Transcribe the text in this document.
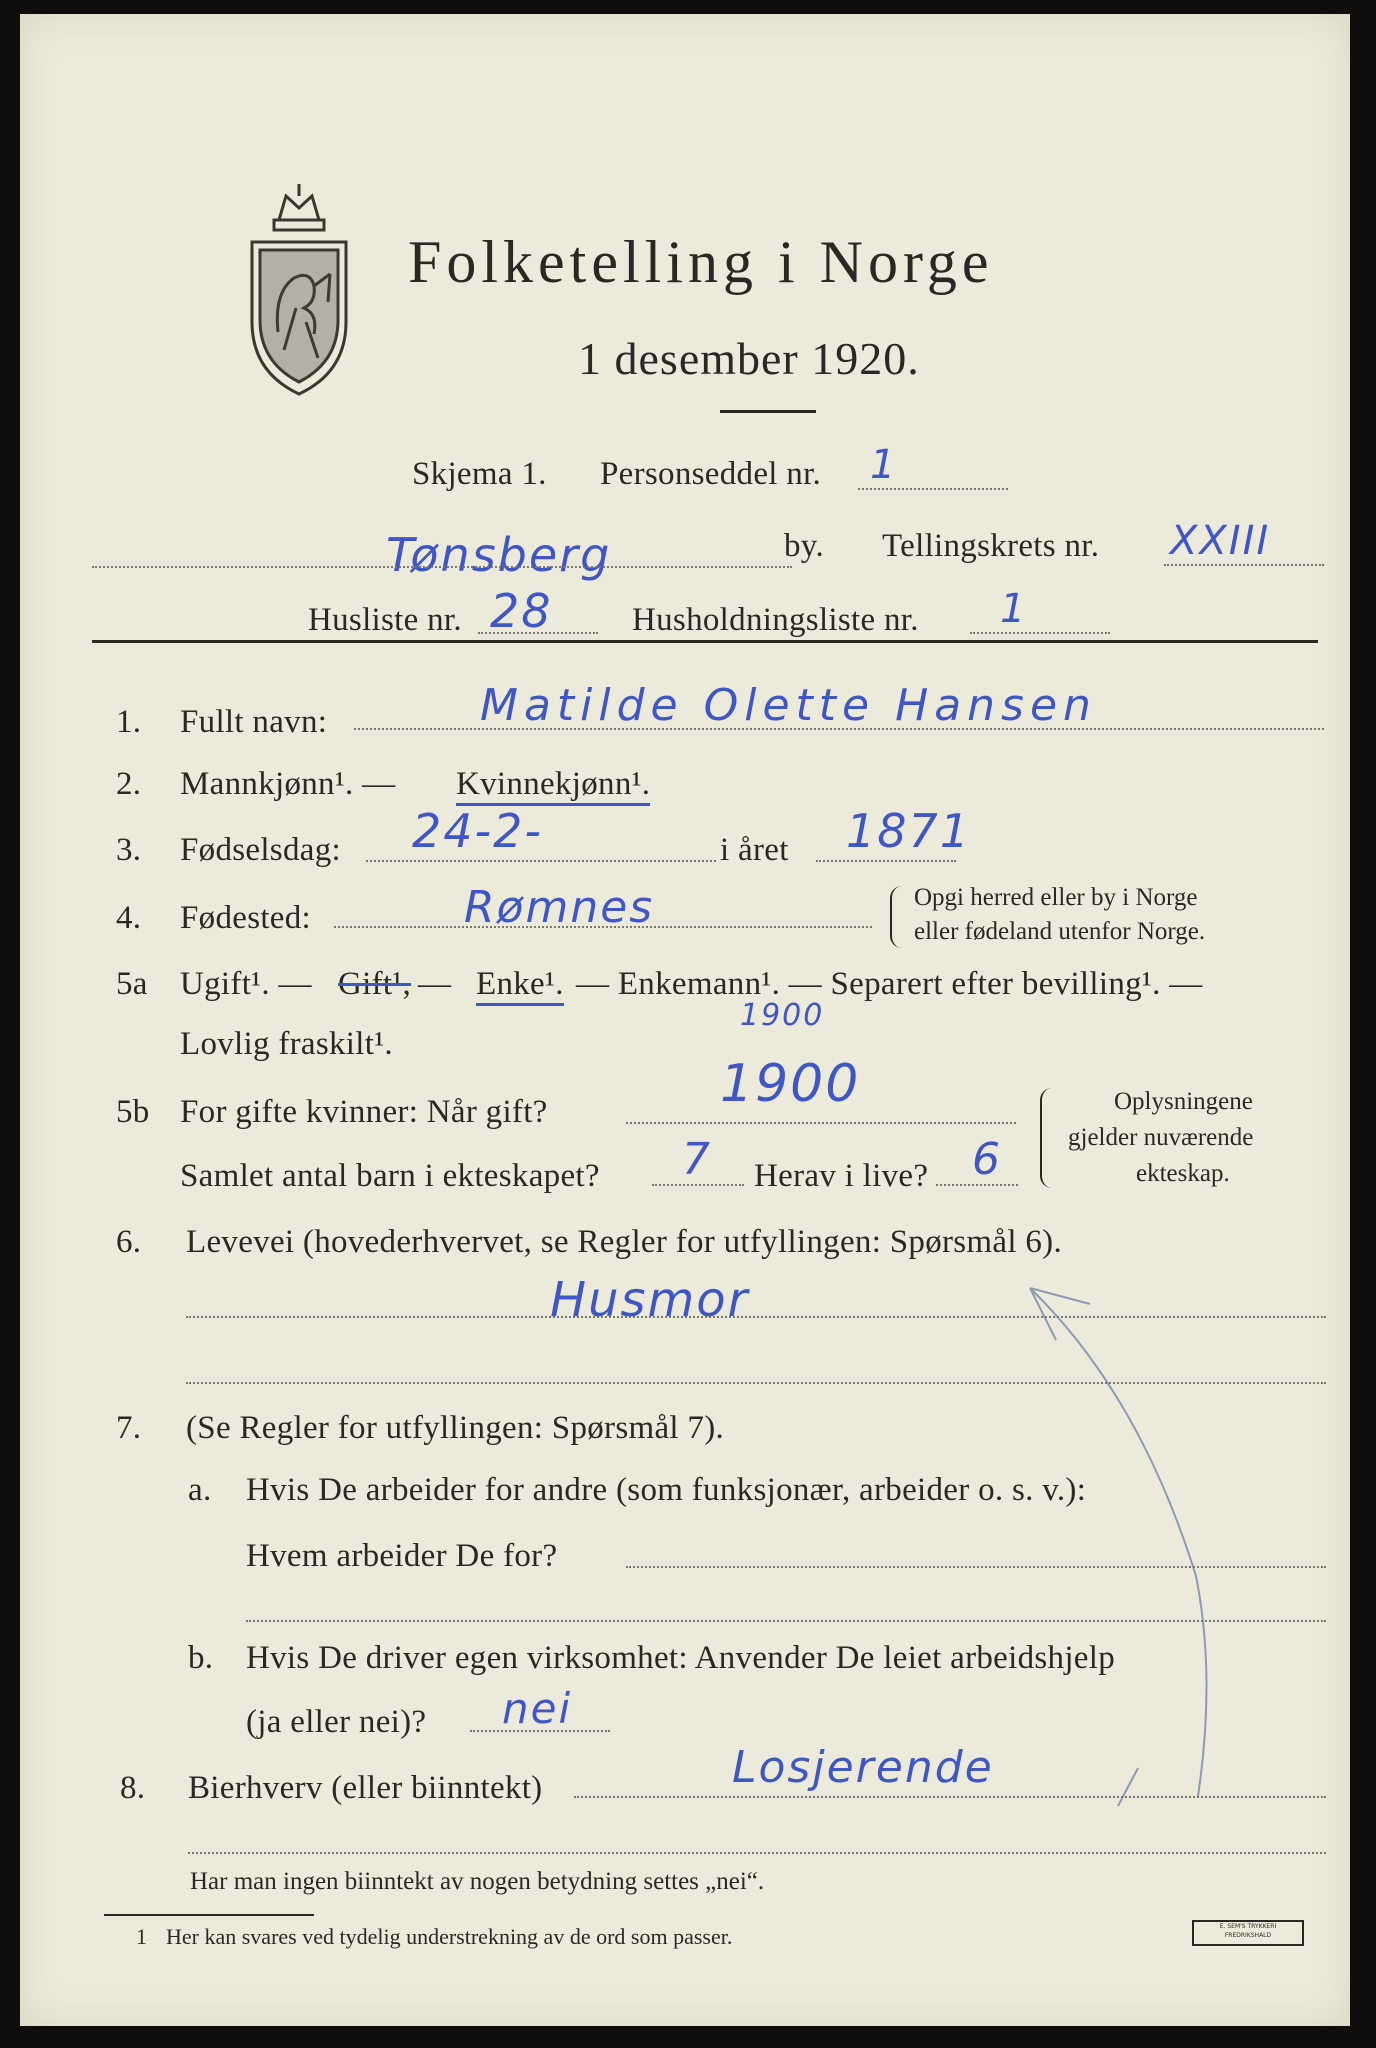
Folketelling i Norge
1 desember 1920.
Skjema 1. Personseddel nr. 1
Tønsberg	by. Tellingskrets nr. XXIII
Husliste nr. 28 Husholdningsliste nr. 1
1. Fullt navn:	Matilde Olette Hansen
2. Mannkjønn¹. — Kvinnekjønn¹.
3. Fødselsdag: 24-2-	i året 1871
4. Fødested:	Rømnes	Opgi herred eller by i Norge
eller fødeland utenfor Norge.
5a Ugift¹. — Gift¹, — Enke¹. — Enkemann¹. — Separert efter bevilling¹. —
Lovlig fraskilt¹.
1900
5b For gifte kvinner: Når gift?	1900
Samlet antal barn i ekteskapet? 7 Herav i live? 6
Oplysningene
gjelder nuværende
ekteskap.
6. Levevei (hovederhvervet, se Regler for utfyllingen: Spørsmål 6).
Husmor
7. (Se Regler for utfyllingen: Spørsmål 7).
a. Hvis De arbeider for andre (som funksjonær, arbeider o. s. v.):
Hvem arbeider De for?
b. Hvis De driver egen virksomhet: Anvender De leiet arbeidshjelp
(ja eller nei)? nei
8. Bierhverv (eller biinntekt)	Losjerende
Har man ingen biinntekt av nogen betydning settes „nei“.
1 Her kan svares ved tydelig understrekning av de ord som passer.	E. SEM'S TRYKKERI
FREDRIKSHALD
